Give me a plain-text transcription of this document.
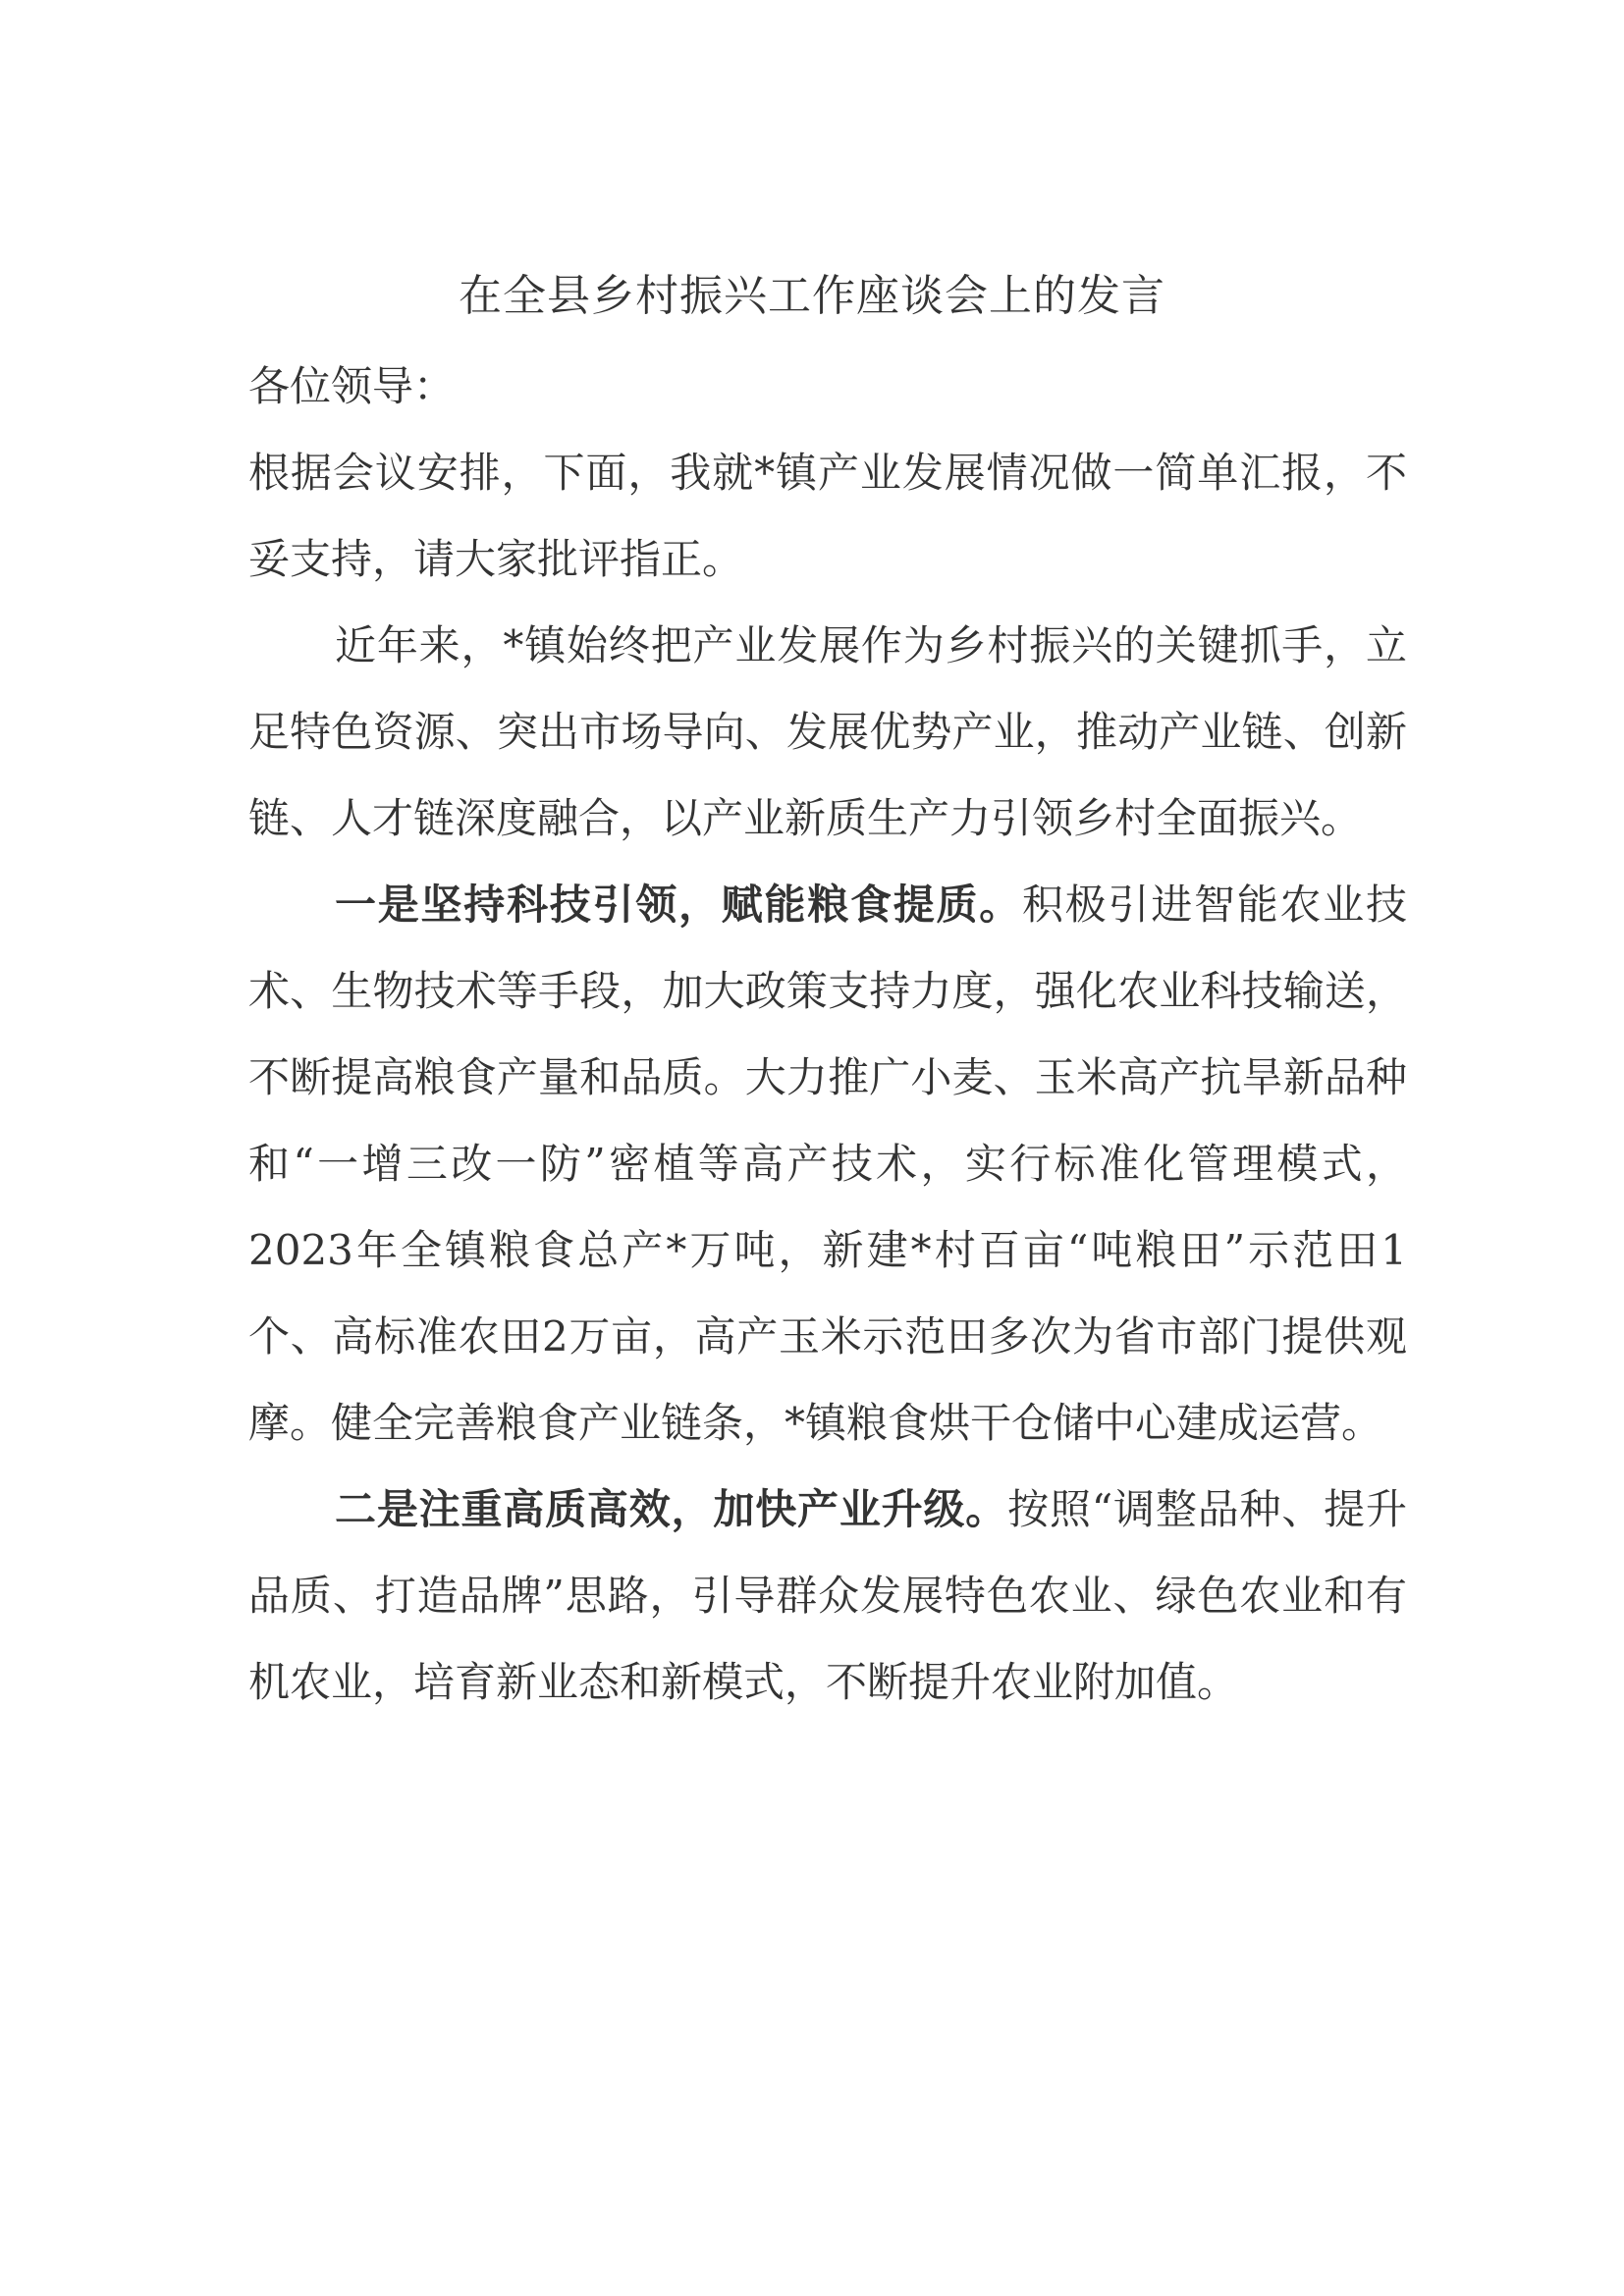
在全县乡村振兴工作座谈会上的发言

各位领导：

根据会议安排，下面，我就*镇产业发展情况做一简单汇报，不妥支持，请大家批评指正。

近年来，*镇始终把产业发展作为乡村振兴的关键抓手，立足特色资源、突出市场导向、发展优势产业，推动产业链、创新链、人才链深度融合，以产业新质生产力引领乡村全面振兴。

一是坚持科技引领，赋能粮食提质。积极引进智能农业技术、生物技术等手段，加大政策支持力度，强化农业科技输送，不断提高粮食产量和品质。大力推广小麦、玉米高产抗旱新品种和“一增三改一防”密植等高产技术，实行标准化管理模式，2023年全镇粮食总产*万吨，新建*村百亩“吨粮田”示范田1个、高标准农田2万亩，高产玉米示范田多次为省市部门提供观摩。健全完善粮食产业链条，*镇粮食烘干仓储中心建成运营。

二是注重高质高效，加快产业升级。按照“调整品种、提升品质、打造品牌”思路，引导群众发展特色农业、绿色农业和有机农业，培育新业态和新模式，不断提升农业附加值。
